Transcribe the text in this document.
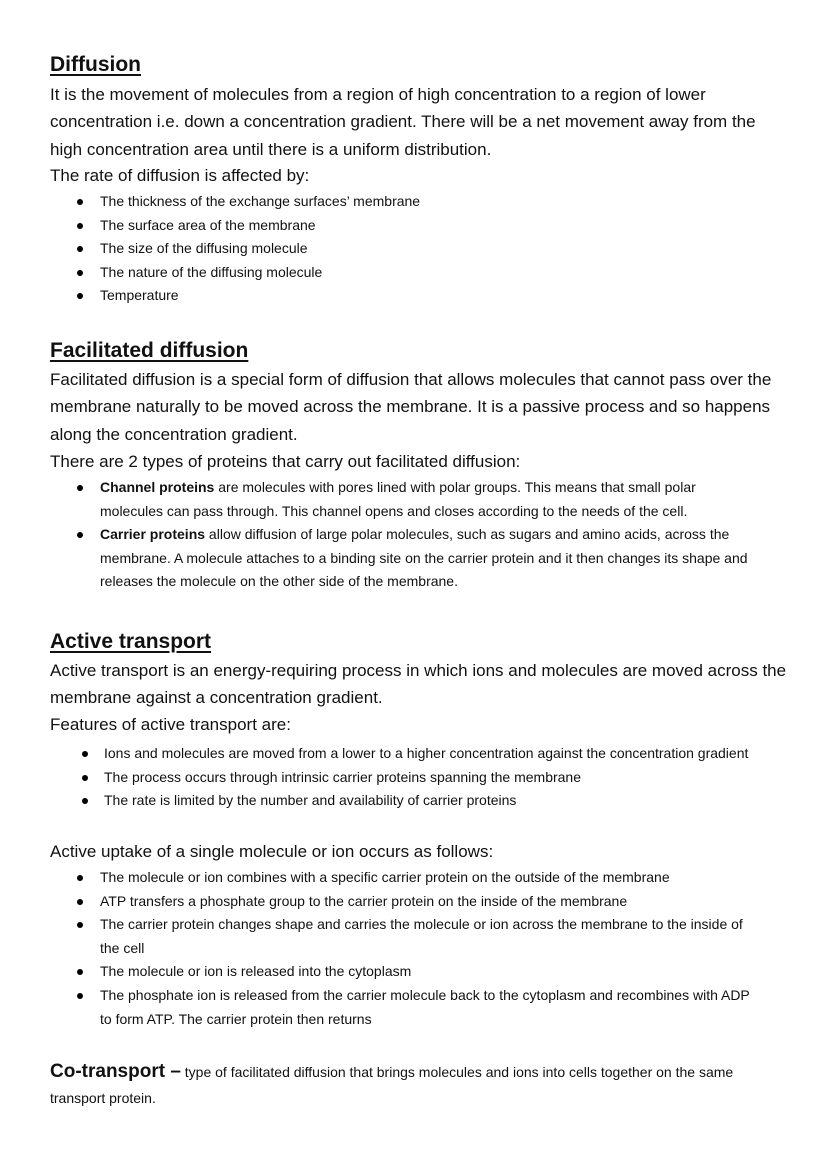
Diffusion

It is the movement of molecules from a region of high concentration to a region of lower concentration i.e. down a concentration gradient. There will be a net movement away from the high concentration area until there is a uniform distribution.

The rate of diffusion is affected by:

The thickness of the exchange surfaces’ membrane
The surface area of the membrane
The size of the diffusing molecule
The nature of the diffusing molecule
Temperature
Facilitated diffusion

Facilitated diffusion is a special form of diffusion that allows molecules that cannot pass over the membrane naturally to be moved across the membrane. It is a passive process and so happens along the concentration gradient.

There are 2 types of proteins that carry out facilitated diffusion:

Channel proteins are molecules with pores lined with polar groups. This means that small polar molecules can pass through. This channel opens and closes according to the needs of the cell.
Carrier proteins allow diffusion of large polar molecules, such as sugars and amino acids, across the membrane. A molecule attaches to a binding site on the carrier protein and it then changes its shape and releases the molecule on the other side of the membrane.
Active transport

Active transport is an energy-requiring process in which ions and molecules are moved across the membrane against a concentration gradient.

Features of active transport are:

Ions and molecules are moved from a lower to a higher concentration against the concentration gradient
The process occurs through intrinsic carrier proteins spanning the membrane
The rate is limited by the number and availability of carrier proteins

Active uptake of a single molecule or ion occurs as follows:

The molecule or ion combines with a specific carrier protein on the outside of the membrane
ATP transfers a phosphate group to the carrier protein on the inside of the membrane
The carrier protein changes shape and carries the molecule or ion across the membrane to the inside of the cell
The molecule or ion is released into the cytoplasm
The phosphate ion is released from the carrier molecule back to the cytoplasm and recombines with ADP to form ATP. The carrier protein then returns

Co-transport – type of facilitated diffusion that brings molecules and ions into cells together on the same transport protein.
